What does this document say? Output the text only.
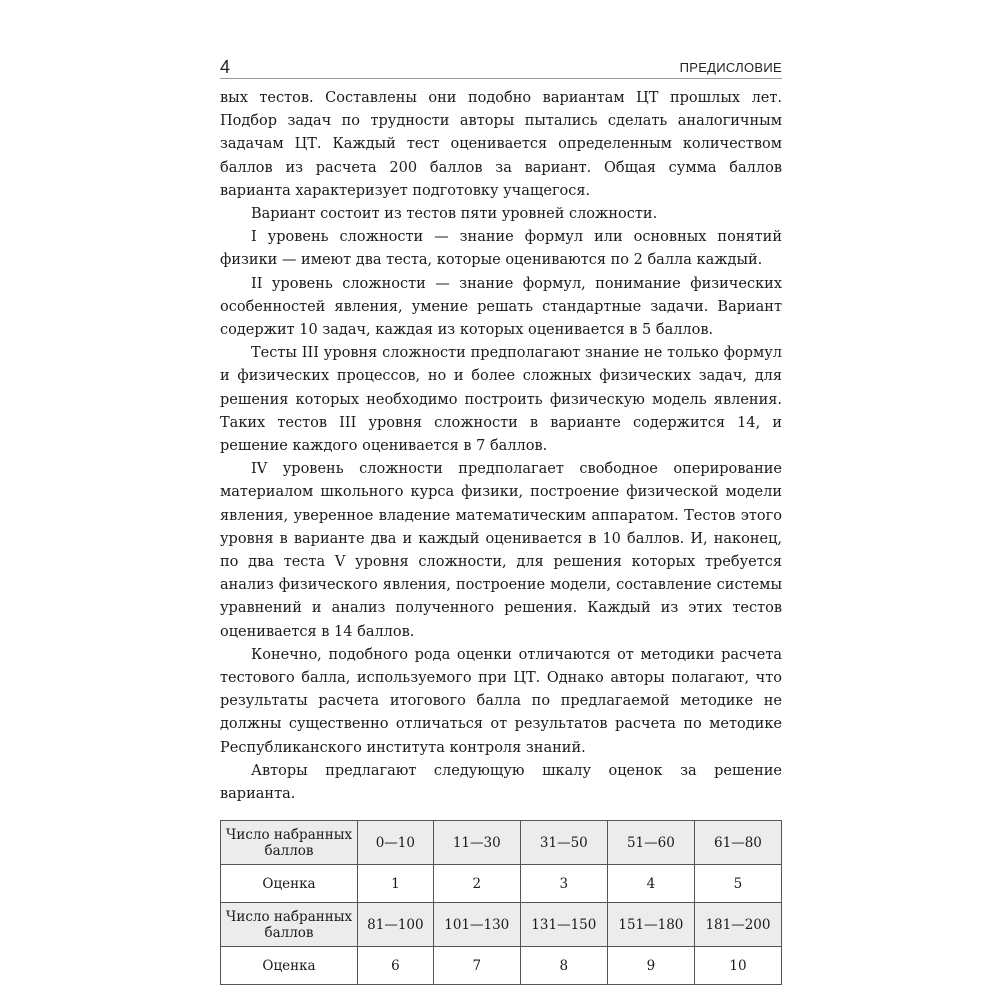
4	ПРЕДИСЛОВИЕ

вых тестов. Составлены они подобно вариантам ЦТ прошлых лет. Подбор задач по трудности авторы пытались сделать аналогичным задачам ЦТ. Каждый тест оценивается определенным количеством баллов из расчета 200 баллов за вариант. Общая сумма баллов варианта характеризует подготовку учащегося.

Вариант состоит из тестов пяти уровней сложности.

I уровень сложности — знание формул или основных понятий физики — имеют два теста, которые оцениваются по 2 балла каждый.

II уровень сложности — знание формул, понимание физических особенностей явления, умение решать стандартные задачи. Вариант содержит 10 задач, каждая из которых оценивается в 5 баллов.

Тесты III уровня сложности предполагают знание не только формул и физических процессов, но и более сложных физических задач, для решения которых необходимо построить физическую модель явления. Таких тестов III уровня сложности в варианте содержится 14, и решение каждого оценивается в 7 баллов.

IV уровень сложности предполагает свободное оперирование материалом школьного курса физики, построение физической модели явления, уверенное владение математическим аппаратом. Тестов этого уровня в варианте два и каждый оценивается в 10 баллов. И, наконец, по два теста V уровня сложности, для решения которых требуется анализ физического явления, построение модели, составление системы уравнений и анализ полученного решения. Каждый из этих тестов оценивается в 14 баллов.

Конечно, подобного рода оценки отличаются от методики расчета тестового балла, используемого при ЦТ. Однако авторы полагают, что результаты расчета итогового балла по предлагаемой методике не должны существенно отличаться от результатов расчета по методике Республиканского института контроля знаний.

Авторы предлагают следующую шкалу оценок за решение варианта.

Число набранных баллов	0—10	11—30	31—50	51—60	61—80
Оценка	1	2	3	4	5
Число набранных баллов	81—100	101—130	131—150	151—180	181—200
Оценка	6	7	8	9	10
